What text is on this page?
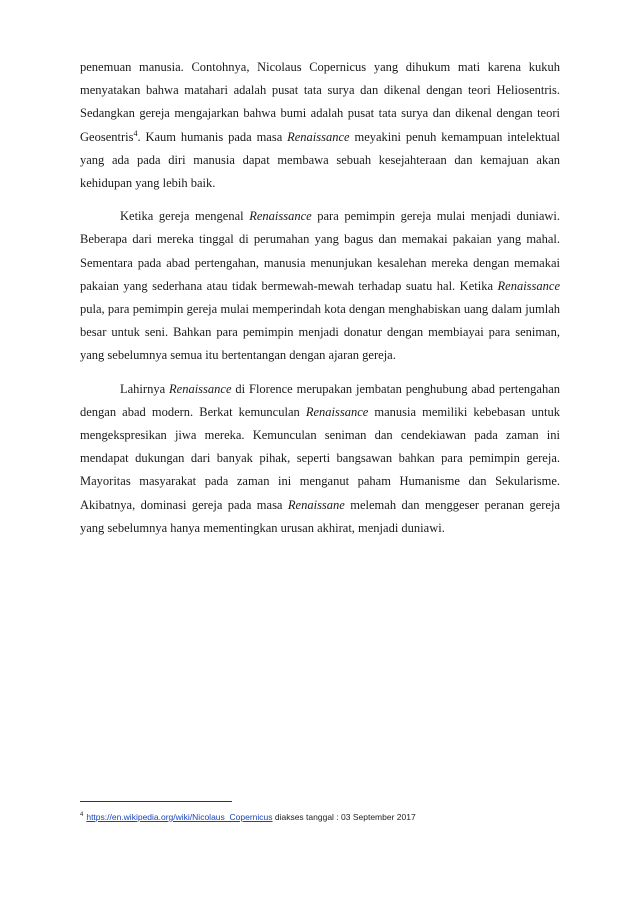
penemuan manusia. Contohnya, Nicolaus Copernicus yang dihukum mati karena kukuh menyatakan bahwa matahari adalah pusat tata surya dan dikenal dengan teori Heliosentris. Sedangkan gereja mengajarkan bahwa bumi adalah pusat tata surya dan dikenal dengan teori Geosentris$^4$. Kaum humanis pada masa Renaissance meyakini penuh kemampuan intelektual yang ada pada diri manusia dapat membawa sebuah kesejahteraan dan kemajuan akan kehidupan yang lebih baik.

Ketika gereja mengenal Renaissance para pemimpin gereja mulai menjadi duniawi. Beberapa dari mereka tinggal di perumahan yang bagus dan memakai pakaian yang mahal. Sementara pada abad pertengahan, manusia menunjukan kesalehan mereka dengan memakai pakaian yang sederhana atau tidak bermewah-mewah terhadap suatu hal. Ketika Renaissance pula, para pemimpin gereja mulai memperindah kota dengan menghabiskan uang dalam jumlah besar untuk seni. Bahkan para pemimpin menjadi donatur dengan membiayai para seniman, yang sebelumnya semua itu bertentangan dengan ajaran gereja.

Lahirnya Renaissance di Florence merupakan jembatan penghubung abad pertengahan dengan abad modern. Berkat kemunculan Renaissance manusia memiliki kebebasan untuk mengekspresikan jiwa mereka. Kemunculan seniman dan cendekiawan pada zaman ini mendapat dukungan dari banyak pihak, seperti bangsawan bahkan para pemimpin gereja. Mayoritas masyarakat pada zaman ini menganut paham Humanisme dan Sekularisme. Akibatnya, dominasi gereja pada masa Renaissane melemah dan menggeser peranan gereja yang sebelumnya hanya mementingkan urusan akhirat, menjadi duniawi.

$^4$ https://en.wikipedia.org/wiki/Nicolaus_Copernicus diakses tanggal : 03 September 2017
